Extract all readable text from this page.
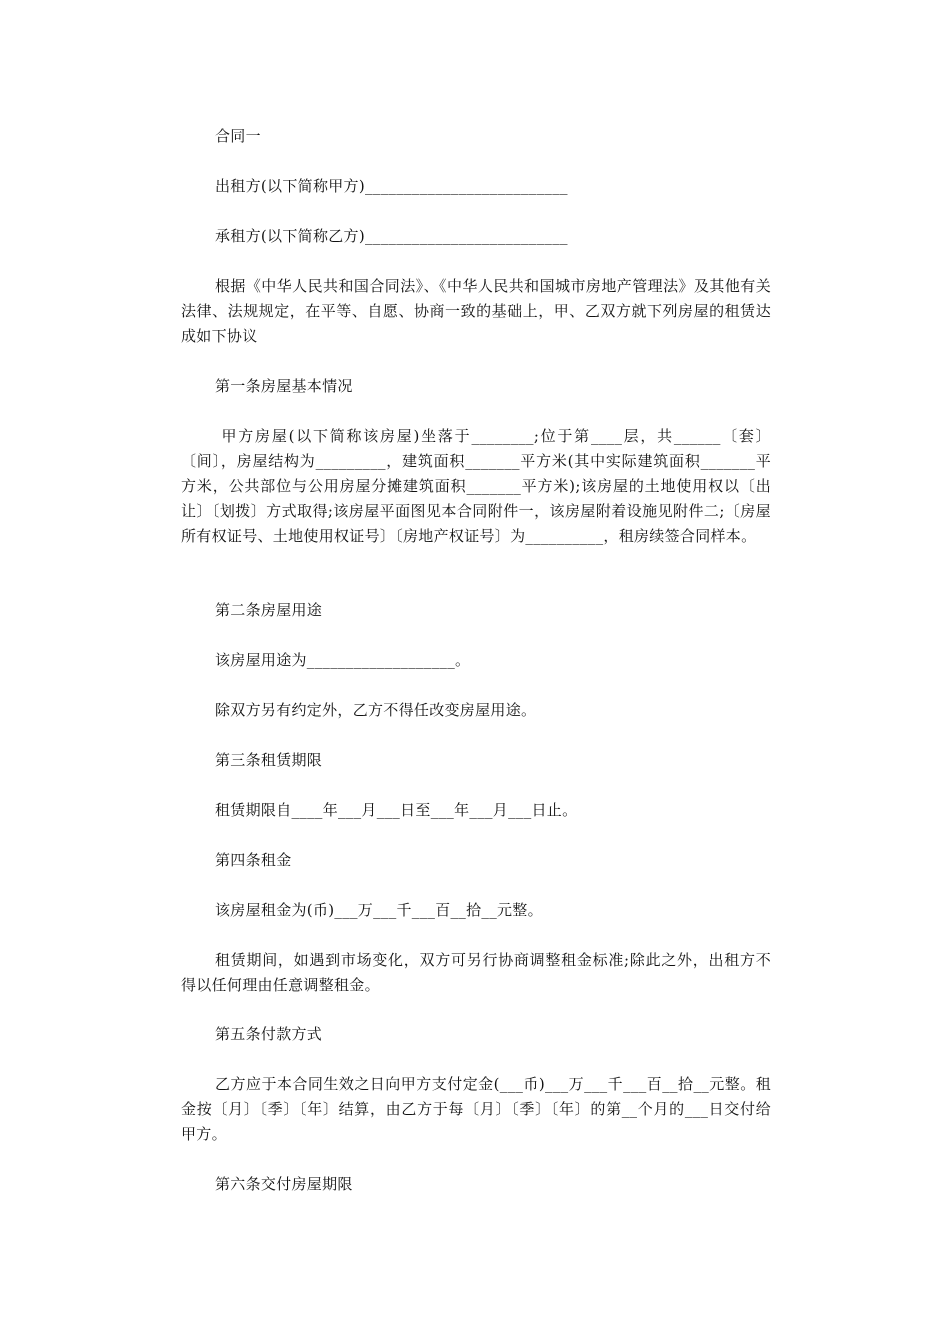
合同一

出租方(以下简称甲方)__________________________

承租方(以下简称乙方)__________________________

根据《中华人民共和国合同法》、《中华人民共和国城市房地产管理法》及其他有关法律、法规规定，在平等、自愿、协商一致的基础上，甲、乙双方就下列房屋的租赁达成如下协议

第一条房屋基本情况

甲方房屋(以下简称该房屋)坐落于________;位于第____层，共______〔套〕〔间〕，房屋结构为_________，建筑面积_______平方米(其中实际建筑面积_______平方米，公共部位与公用房屋分摊建筑面积_______平方米);该房屋的土地使用权以〔出让〕〔划拨〕方式取得;该房屋平面图见本合同附件一，该房屋附着设施见附件二;〔房屋所有权证号、土地使用权证号〕〔房地产权证号〕为__________，租房续签合同样本。

第二条房屋用途

该房屋用途为___________________。

除双方另有约定外，乙方不得任改变房屋用途。

第三条租赁期限

租赁期限自____年___月___日至___年___月___日止。

第四条租金

该房屋租金为(币)___万___千___百__拾__元整。

租赁期间，如遇到市场变化，双方可另行协商调整租金标准;除此之外，出租方不得以任何理由任意调整租金。

第五条付款方式

乙方应于本合同生效之日向甲方支付定金(___币)___万___千___百__拾__元整。租金按〔月〕〔季〕〔年〕结算，由乙方于每〔月〕〔季〕〔年〕的第__个月的___日交付给甲方。

第六条交付房屋期限
